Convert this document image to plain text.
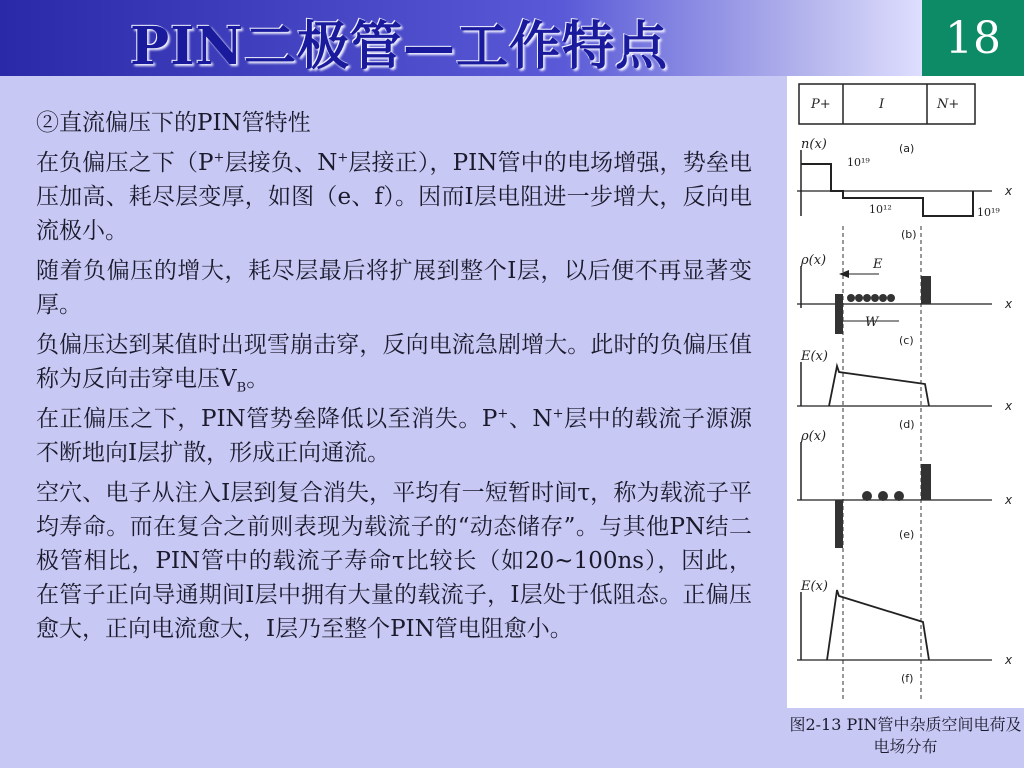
PIN二极管—工作特点	18

②直流偏压下的PIN管特性

在负偏压之下（P+层接负、N+层接正），PIN管中的电场增强，势垒电压加高、耗尽层变厚，如图（e、f）。因而I层电阻进一步增大，反向电流极小。

随着负偏压的增大，耗尽层最后将扩展到整个I层，以后便不再显著变厚。

负偏压达到某值时出现雪崩击穿，反向电流急剧增大。此时的负偏压值称为反向击穿电压$V_B$。

在正偏压之下，PIN管势垒降低以至消失。P+、N+层中的载流子源源不断地向I层扩散，形成正向通流。

空穴、电子从注入I层到复合消失，平均有一短暂时间τ，称为载流子平均寿命。而在复合之前则表现为载流子的“动态储存”。与其他PN结二极管相比，PIN管中的载流子寿命τ比较长（如20~100ns），因此，在管子正向导通期间I层中拥有大量的载流子，I层处于低阻态。正偏压愈大，正向电流愈大，I层乃至整个PIN管电阻愈小。

P+	I	N+
n(x)
10¹⁹
10¹²	10¹⁹
(a)
(b)
x
ρ(x)	E
W
(c)
x
E(x)
x
(d)
ρ(x)
x
(e)
E(x)
x
(f)
图2-13 PIN管中杂质空间电荷及电场分布
